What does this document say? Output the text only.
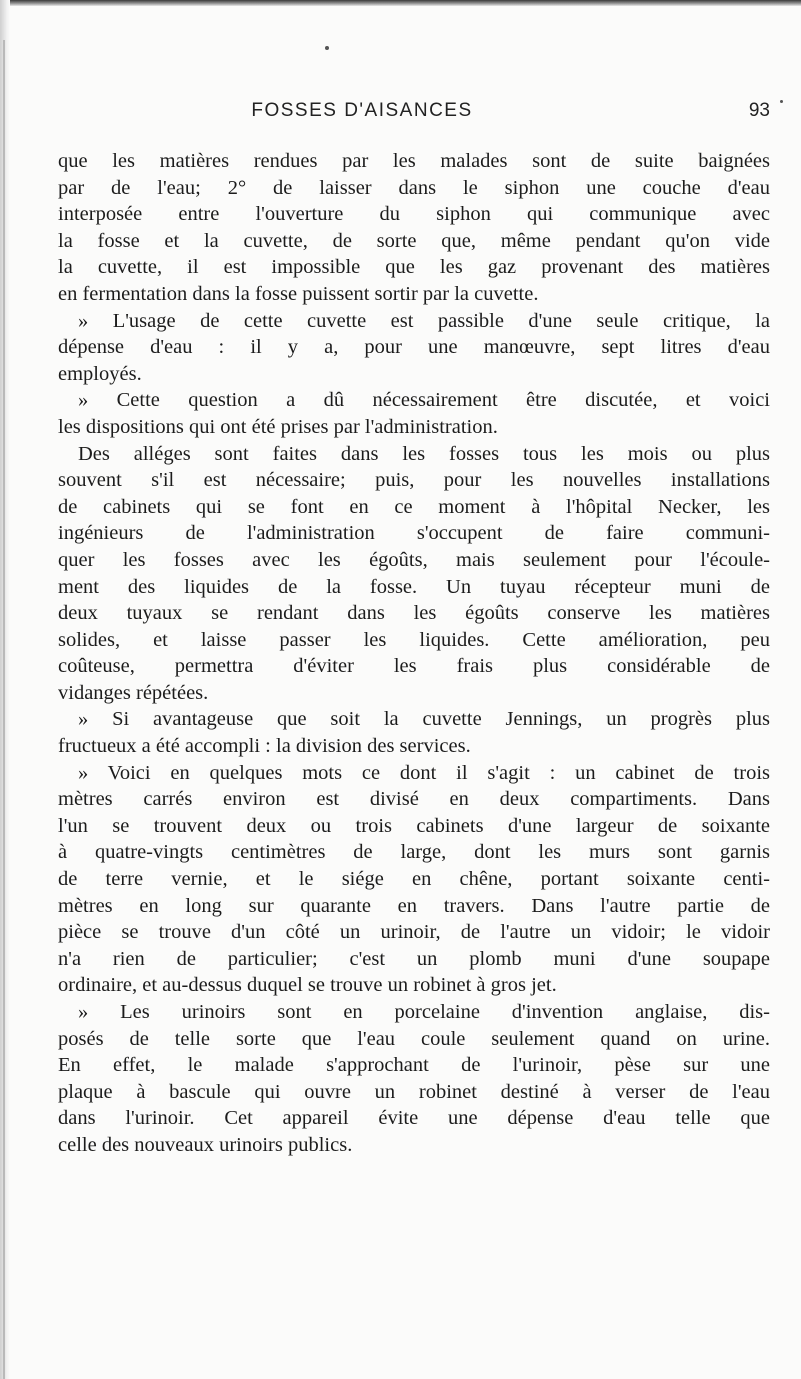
FOSSES D'AISANCES	93
que les matières rendues par les malades sont de suite baignées
par de l'eau; 2° de laisser dans le siphon une couche d'eau
interposée entre l'ouverture du siphon qui communique avec
la fosse et la cuvette, de sorte que, même pendant qu'on vide
la cuvette, il est impossible que les gaz provenant des matières
en fermentation dans la fosse puissent sortir par la cuvette.
» L'usage de cette cuvette est passible d'une seule critique, la
dépense d'eau : il y a, pour une manœuvre, sept litres d'eau
employés.
» Cette question a dû nécessairement être discutée, et voici
les dispositions qui ont été prises par l'administration.
Des alléges sont faites dans les fosses tous les mois ou plus
souvent s'il est nécessaire; puis, pour les nouvelles installations
de cabinets qui se font en ce moment à l'hôpital Necker, les
ingénieurs de l'administration s'occupent de faire communi-
quer les fosses avec les égoûts, mais seulement pour l'écoule-
ment des liquides de la fosse. Un tuyau récepteur muni de
deux tuyaux se rendant dans les égoûts conserve les matières
solides, et laisse passer les liquides. Cette amélioration, peu
coûteuse, permettra d'éviter les frais plus considérable de
vidanges répétées.
» Si avantageuse que soit la cuvette Jennings, un progrès plus
fructueux a été accompli : la division des services.
» Voici en quelques mots ce dont il s'agit : un cabinet de trois
mètres carrés environ est divisé en deux compartiments. Dans
l'un se trouvent deux ou trois cabinets d'une largeur de soixante
à quatre-vingts centimètres de large, dont les murs sont garnis
de terre vernie, et le siége en chêne, portant soixante centi-
mètres en long sur quarante en travers. Dans l'autre partie de
pièce se trouve d'un côté un urinoir, de l'autre un vidoir; le vidoir
n'a rien de particulier; c'est un plomb muni d'une soupape
ordinaire, et au-dessus duquel se trouve un robinet à gros jet.
» Les urinoirs sont en porcelaine d'invention anglaise, dis-
posés de telle sorte que l'eau coule seulement quand on urine.
En effet, le malade s'approchant de l'urinoir, pèse sur une
plaque à bascule qui ouvre un robinet destiné à verser de l'eau
dans l'urinoir. Cet appareil évite une dépense d'eau telle que
celle des nouveaux urinoirs publics.
